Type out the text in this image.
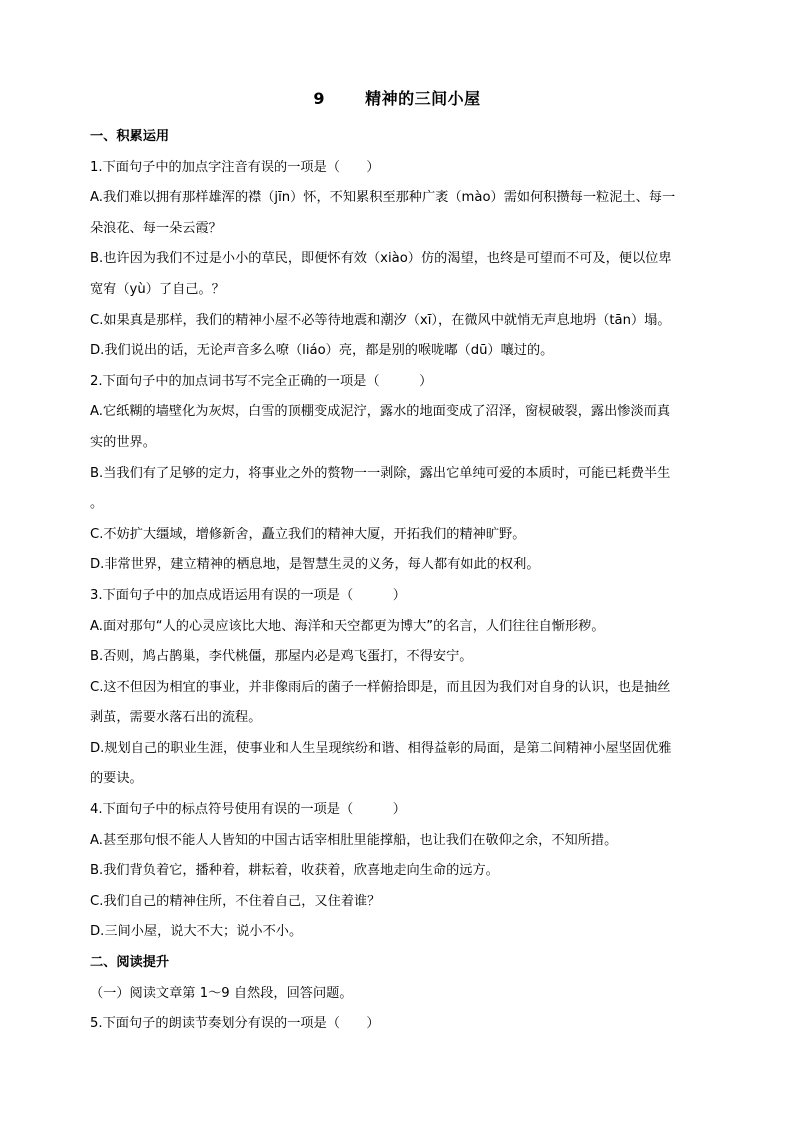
9	精神的三间小屋
一、积累运用
1.下面句子中的加点字注音有误的一项是（　　）
A.我们难以拥有那样雄浑的襟（jīn）怀，不知累积至那种广袤（mào）需如何积攒每一粒泥土、每一
朵浪花、每一朵云霞？
B.也许因为我们不过是小小的草民，即便怀有效（xiào）仿的渴望，也终是可望而不可及，便以位卑
宽宥（yù）了自己。？
C.如果真是那样，我们的精神小屋不必等待地震和潮汐（xī），在微风中就悄无声息地坍（tān）塌。
D.我们说出的话，无论声音多么嘹（liáo）亮，都是别的喉咙嘟（dū）嚷过的。
2.下面句子中的加点词书写不完全正确的一项是（　　　）
A.它纸糊的墙壁化为灰烬，白雪的顶棚变成泥泞，露水的地面变成了沼泽，窗棂破裂，露出惨淡而真
实的世界。
B.当我们有了足够的定力，将事业之外的赘物一一剥除，露出它单纯可爱的本质时，可能已耗费半生
。
C.不妨扩大缰域，增修新舍，矗立我们的精神大厦，开拓我们的精神旷野。
D.非常世界，建立精神的栖息地，是智慧生灵的义务，每人都有如此的权利。
3.下面句子中的加点成语运用有误的一项是（　　　）
A.面对那句“人的心灵应该比大地、海洋和天空都更为博大”的名言，人们往往自惭形秽。
B.否则，鸠占鹊巢，李代桃僵，那屋内必是鸡飞蛋打，不得安宁。
C.这不但因为相宜的事业，并非像雨后的菌子一样俯拾即是，而且因为我们对自身的认识，也是抽丝
剥茧，需要水落石出的流程。
D.规划自己的职业生涯，使事业和人生呈现缤纷和谐、相得益彰的局面，是第二间精神小屋坚固优雅
的要诀。
4.下面句子中的标点符号使用有误的一项是（　　　）
A.甚至那句恨不能人人皆知的中国古话宰相肚里能撑船，也让我们在敬仰之余，不知所措。
B.我们背负着它，播种着，耕耘着，收获着，欣喜地走向生命的远方。
C.我们自己的精神住所，不住着自己，又住着谁？
D.三间小屋，说大不大；说小不小。
二、阅读提升
（一）阅读文章第 1～9 自然段，回答问题。
5.下面句子的朗读节奏划分有误的一项是（　　）
